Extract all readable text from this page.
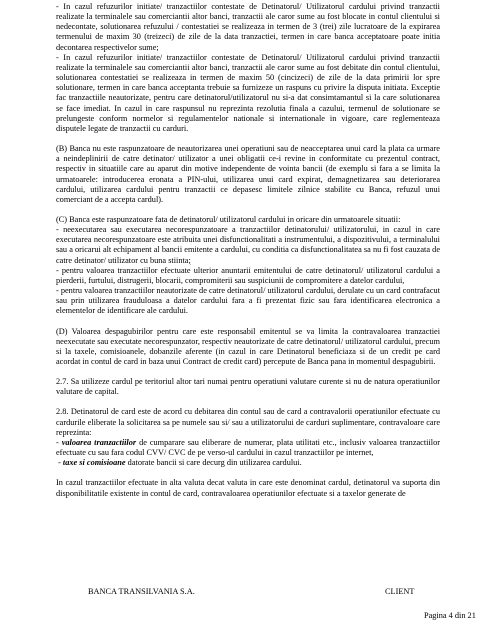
- In cazul refuzurilor initiate/ tranzactiilor contestate de Detinatorul/ Utilizatorul cardului privind tranzactii realizate la terminalele sau comerciantii altor banci, tranzactii ale caror sume au fost blocate in contul clientului si nedecontate, solutionarea refuzului / contestatiei se realizeaza in termen de 3 (trei) zile lucratoare de la expirarea termenului de maxim 30 (treizeci) de zile de la data tranzactiei, termen in care banca acceptatoare poate initia decontarea respectivelor sume;
- In cazul refuzurilor initiate/ tranzactiilor contestate de Detinatorul/ Utilizatorul cardului privind tranzactii realizate la terminalele sau comerciantii altor banci, tranzactii ale caror sume au fost debitate din contul clientului, solutionarea contestatiei se realizeaza in termen de maxim 50 (cincizeci) de zile de la data primirii lor spre solutionare, termen in care banca acceptanta trebuie sa furnizeze un raspuns cu privire la disputa initiata. Exceptie fac tranzactiile neautorizate, pentru care detinatorul/utilizatorul nu si-a dat consimtamantul si la care solutionarea se face imediat. In cazul in care raspunsul nu reprezinta rezolutia finala a cazului, termenul de solutionare se prelungeste conform normelor si regulamentelor nationale si internationale in vigoare, care reglementeaza disputele legate de tranzactii cu carduri.
(B) Banca nu este raspunzatoare de neautorizarea unei operatiuni sau de neacceptarea unui card la plata ca urmare a neindeplinirii de catre detinator/ utilizator a unei obligatii ce-i revine in conformitate cu prezentul contract, respectiv in situatiile care au aparut din motive independente de vointa bancii (de exemplu si fara a se limita la urmatoarele: introducerea eronata a PIN-ului, utilizarea unui card expirat, demagnetizarea sau deteriorarea cardului, utilizarea cardului pentru tranzactii ce depasesc limitele zilnice stabilite cu Banca, refuzul unui comerciant de a accepta cardul).
(C) Banca este raspunzatoare fata de detinatorul/ utilizatorul cardului in oricare din urmatoarele situatii:
- neexecutarea sau executarea necorespunzatoare a tranzactiilor detinatorului/ utilizatorului, in cazul in care executarea necorespunzatoare este atribuita unei disfunctionalitati a instrumentului, a dispozitivului, a terminalului sau a oricarui alt echipament al bancii emitente a cardului, cu conditia ca disfunctionalitatea sa nu fi fost cauzata de catre detinator/ utilizator cu buna stiinta;
- pentru valoarea tranzactiilor efectuate ulterior anuntarii emitentului de catre detinatorul/ utilizatorul cardului a pierderii, furtului, distrugerii, blocarii, compromiterii sau suspiciunii de compromitere a datelor cardului,
- pentru valoarea tranzactiilor neautorizate de catre detinatorul/ utilizatorul cardului, derulate cu un card contrafacut sau prin utilizarea frauduloasa a datelor cardului fara a fi prezentat fizic sau fara identificarea electronica a elementelor de identificare ale cardului.
(D) Valoarea despagubirilor pentru care este responsabil emitentul se va limita la contravaloarea tranzactiei neexecutate sau executate necorespunzator, respectiv neautorizate de catre detinatorul/ utilizatorul cardului, precum si la taxele, comisioanele, dobanzile aferente (in cazul in care Detinatorul beneficiaza si de un credit pe card acordat in contul de card in baza unui Contract de credit card) percepute de Banca pana in momentul despagubirii.
2.7. Sa utilizeze cardul pe teritoriul altor tari numai pentru operatiuni valutare curente si nu de natura operatiunilor valutare de capital.
2.8. Detinatorul de card este de acord cu debitarea din contul sau de card a contravalorii operatiunilor efectuate cu cardurile eliberate la solicitarea sa pe numele sau si/ sau a utilizatorului de carduri suplimentare, contravaloare care reprezinta:
- valoarea tranzactiilor de cumparare sau eliberare de numerar, plata utilitati etc., inclusiv valoarea tranzactiilor efectuate cu sau fara codul CVV/ CVC de pe verso-ul cardului in cazul tranzactiilor pe internet,
- taxe si comisioane datorate bancii si care decurg din utilizarea cardului.
In cazul tranzactiilor efectuate in alta valuta decat valuta in care este denominat cardul, detinatorul va suporta din disponibilitatile existente in contul de card, contravaloarea operatiunilor efectuate si a taxelor generate de
BANCA TRANSILVANIA S.A.	CLIENT
Pagina 4 din 21
